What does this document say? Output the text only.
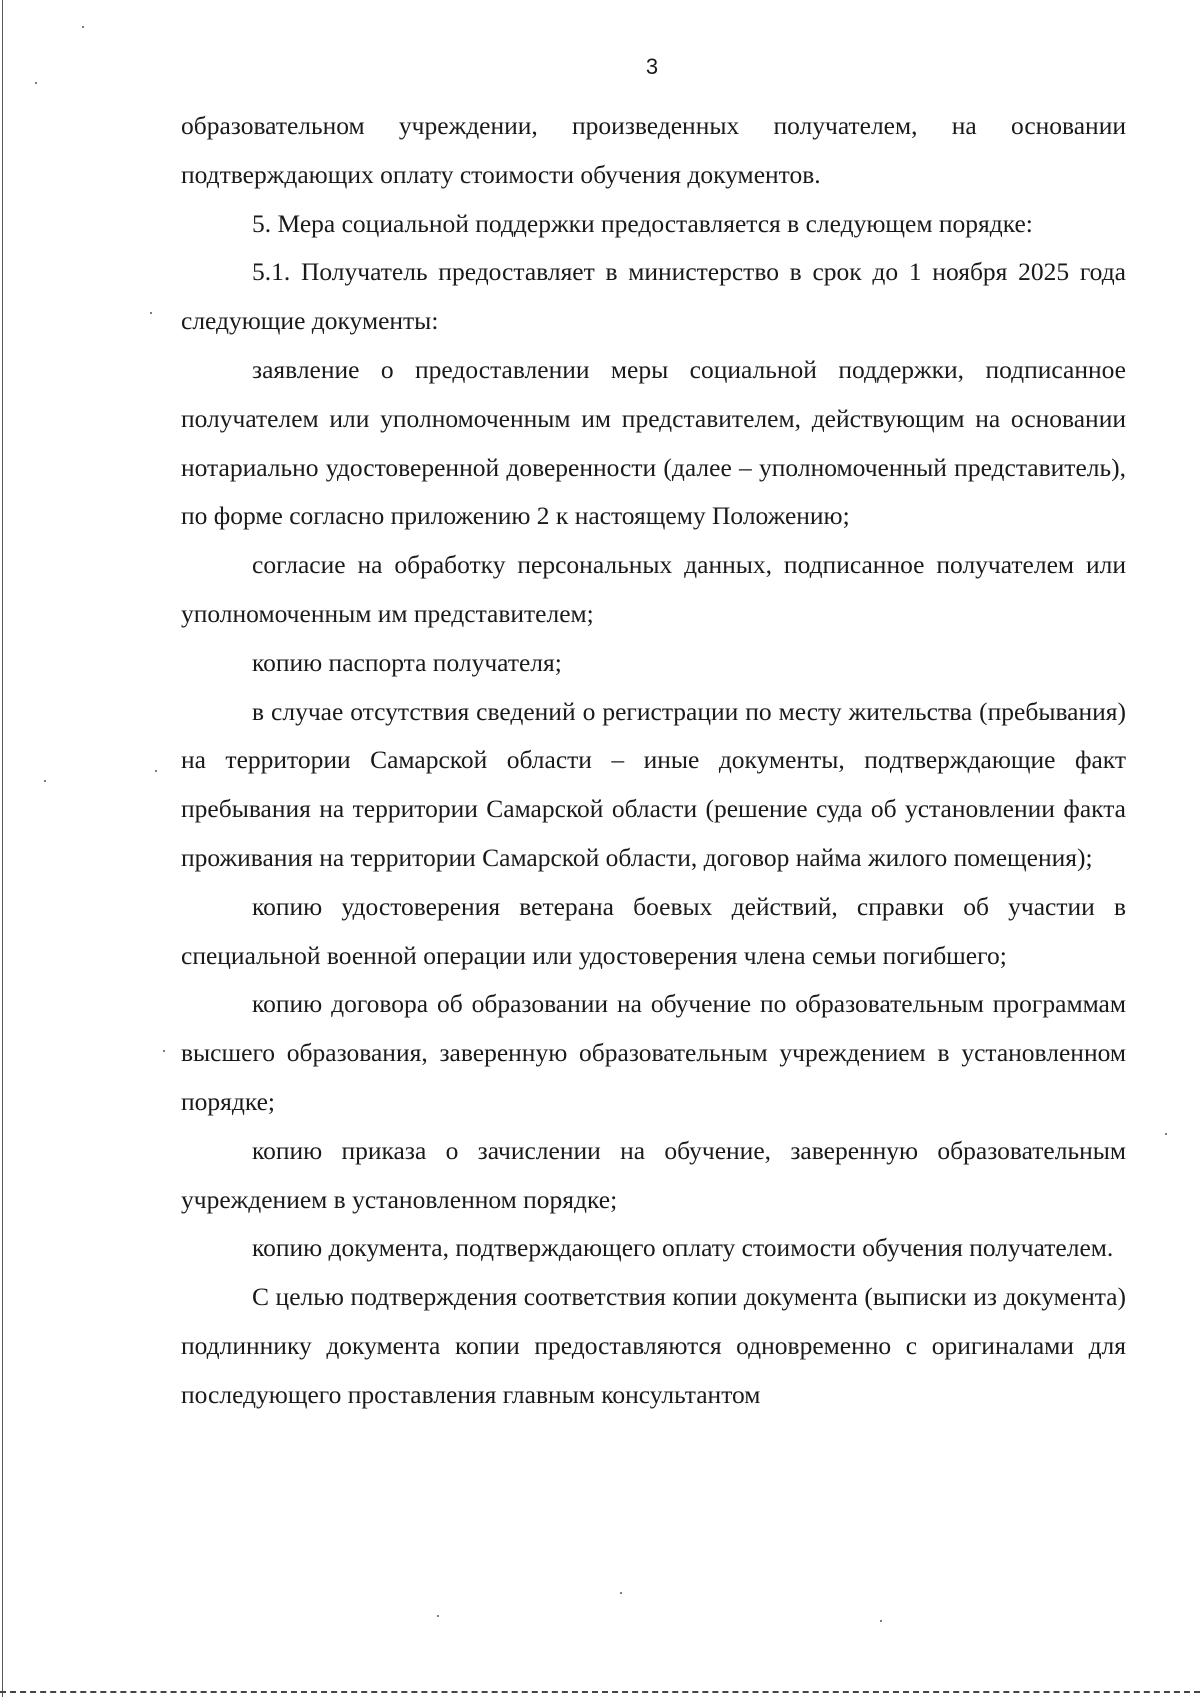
3

образовательном учреждении, произведенных получателем, на основании подтверждающих оплату стоимости обучения документов.

5. Мера социальной поддержки предоставляется в следующем порядке:

5.1. Получатель предоставляет в министерство в срок до 1 ноября 2025 года следующие документы:

заявление о предоставлении меры социальной поддержки, подписанное получателем или уполномоченным им представителем, действующим на основании нотариально удостоверенной доверенности (далее – уполномоченный представитель), по форме согласно приложению 2 к настоящему Положению;

согласие на обработку персональных данных, подписанное получателем или уполномоченным им представителем;

копию паспорта получателя;

в случае отсутствия сведений о регистрации по месту жительства (пребывания) на территории Самарской области – иные документы, подтверждающие факт пребывания на территории Самарской области (решение суда об установлении факта проживания на территории Самарской области, договор найма жилого помещения);

копию удостоверения ветерана боевых действий, справки об участии в специальной военной операции или удостоверения члена семьи погибшего;

копию договора об образовании на обучение по образовательным программам высшего образования, заверенную образовательным учреждением в установленном порядке;

копию приказа о зачислении на обучение, заверенную образовательным учреждением в установленном порядке;

копию документа, подтверждающего оплату стоимости обучения получателем.

С целью подтверждения соответствия копии документа (выписки из документа) подлиннику документа копии предоставляются одновременно с оригиналами для последующего проставления главным консультантом
